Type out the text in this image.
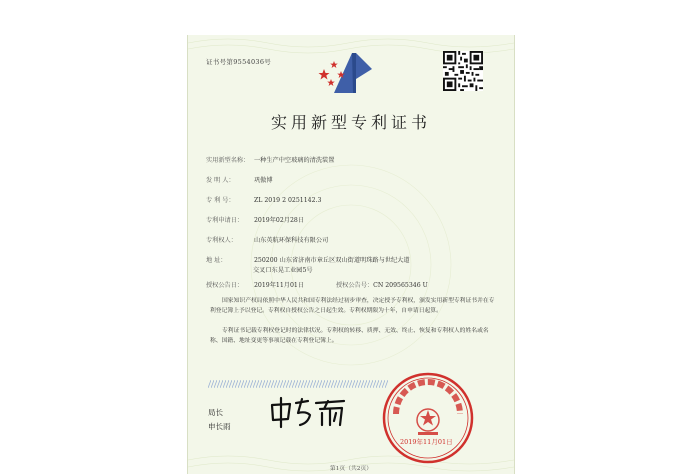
证书号第9554036号
实用新型专利证书
实用新型名称： 一种生产中空玻璃的清洗装置
发 明 人：	巩傲博
专 利 号：	ZL 2019 2 0251142.3
专利申请日： 2019年02月28日
专利权人：	山东英航环保科技有限公司
地 址：	250200 山东省济南市章丘区双山街道明珠路与世纪大道
交叉口东晃工业园5号
授权公告日： 2019年11月01日	授权公告号：CN 209565346 U
国家知识产权局依照中华人民共和国专利法经过初步审查，决定授予专利权，颁发实用新型专利证书并在专利登记簿上予以登记。专利权自授权公告之日起生效。专利权期限为十年，自申请日起算。
专利证书记载专利权登记时的法律状况。专利权的转移、质押、无效、终止、恢复和专利权人的姓名或名称、国籍、地址变更等事项记载在专利登记簿上。
局长
申长雨
2019年11月01日
第1页（共2页）
